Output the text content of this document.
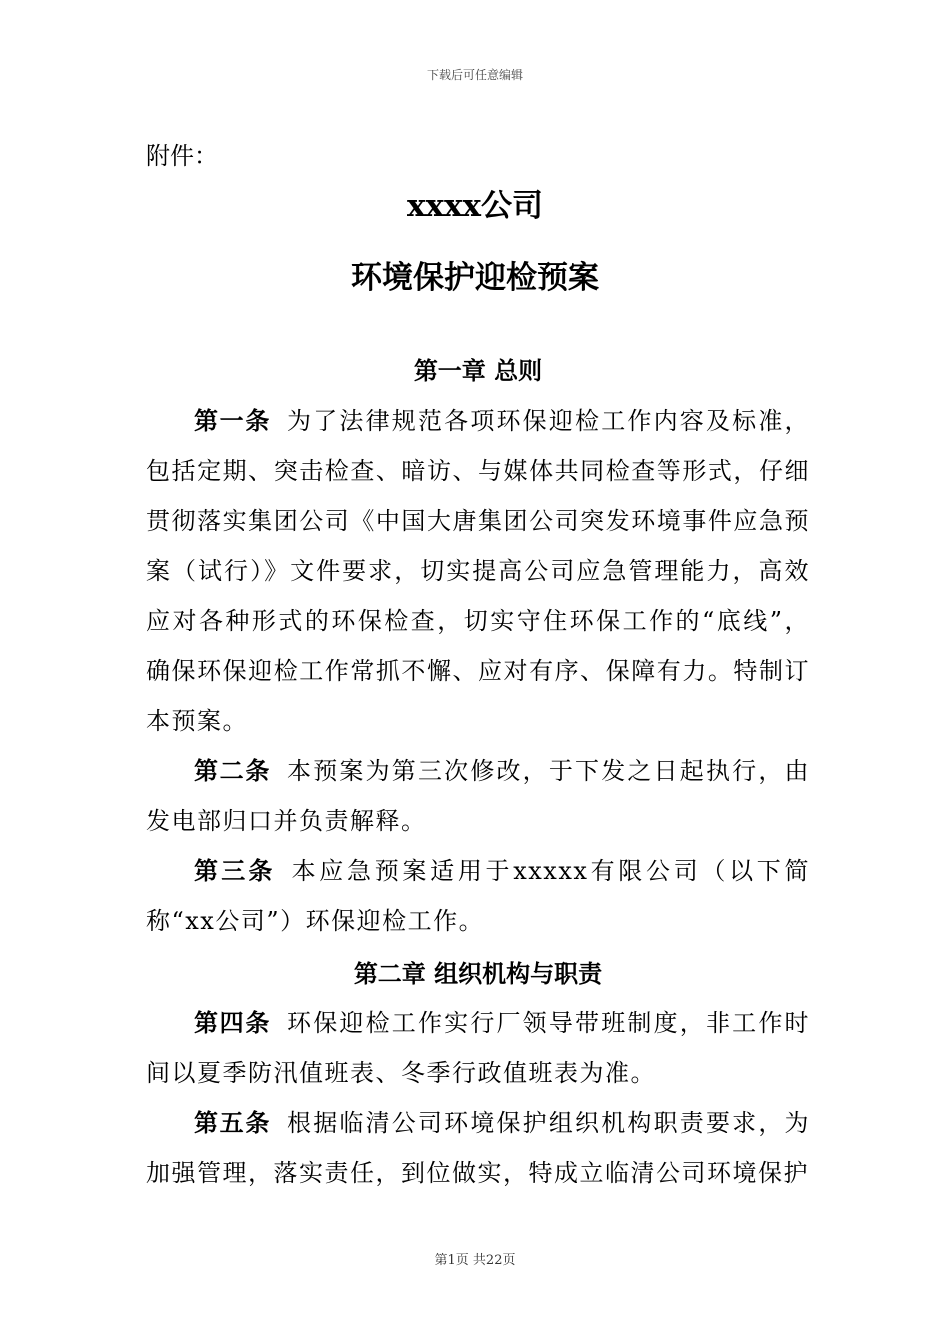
下载后可任意编辑
附件：
xxxx公司
环境保护迎检预案
第一章 总则

第一条 为了法律规范各项环保迎检工作内容及标准，包括定期、突击检查、暗访、与媒体共同检查等形式，仔细贯彻落实集团公司《中国大唐集团公司突发环境事件应急预案（试行）》文件要求，切实提高公司应急管理能力，高效应对各种形式的环保检查，切实守住环保工作的“底线”，确保环保迎检工作常抓不懈、应对有序、保障有力。特制订本预案。

第二条 本预案为第三次修改，于下发之日起执行，由发电部归口并负责解释。

第三条 本应急预案适用于xxxxx有限公司（以下简称“xx公司”）环保迎检工作。

第二章 组织机构与职责

第四条 环保迎检工作实行厂领导带班制度，非工作时间以夏季防汛值班表、冬季行政值班表为准。

第五条 根据临清公司环境保护组织机构职责要求，为加强管理，落实责任，到位做实，特成立临清公司环境保护

第1页 共22页
